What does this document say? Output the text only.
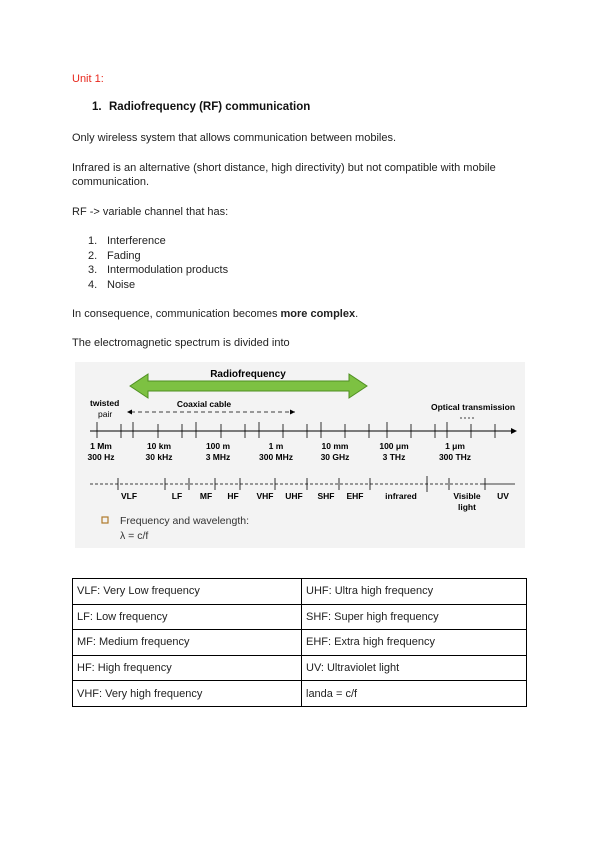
Unit 1:
1. Radiofrequency (RF) communication
Only wireless system that allows communication between mobiles.
Infrared is an alternative (short distance, high directivity) but not compatible with mobile communication.
RF -> variable channel that has:
1. Interference
2. Fading
3. Intermodulation products
4. Noise
In consequence, communication becomes more complex.
The electromagnetic spectrum is divided into
Radiofrequency
twisted
pair
Coaxial cable	Optical transmission
1 Mm
300 Hz
10 km
30 kHz
100 m
3 MHz
1 m
300 MHz
10 mm
30 GHz
100 μm
3 THz
1 μm
300 THz
VLF	LF MF HF VHF UHF SHF EHF	infrared	Visible
light
UV
Frequency and wavelength:
λ = c/f
VLF: Very Low frequency	UHF: Ultra high frequency
LF: Low frequency	SHF: Super high frequency
MF: Medium frequency	EHF: Extra high frequency
HF: High frequency	UV: Ultraviolet light
VHF: Very high frequency	landa = c/f
